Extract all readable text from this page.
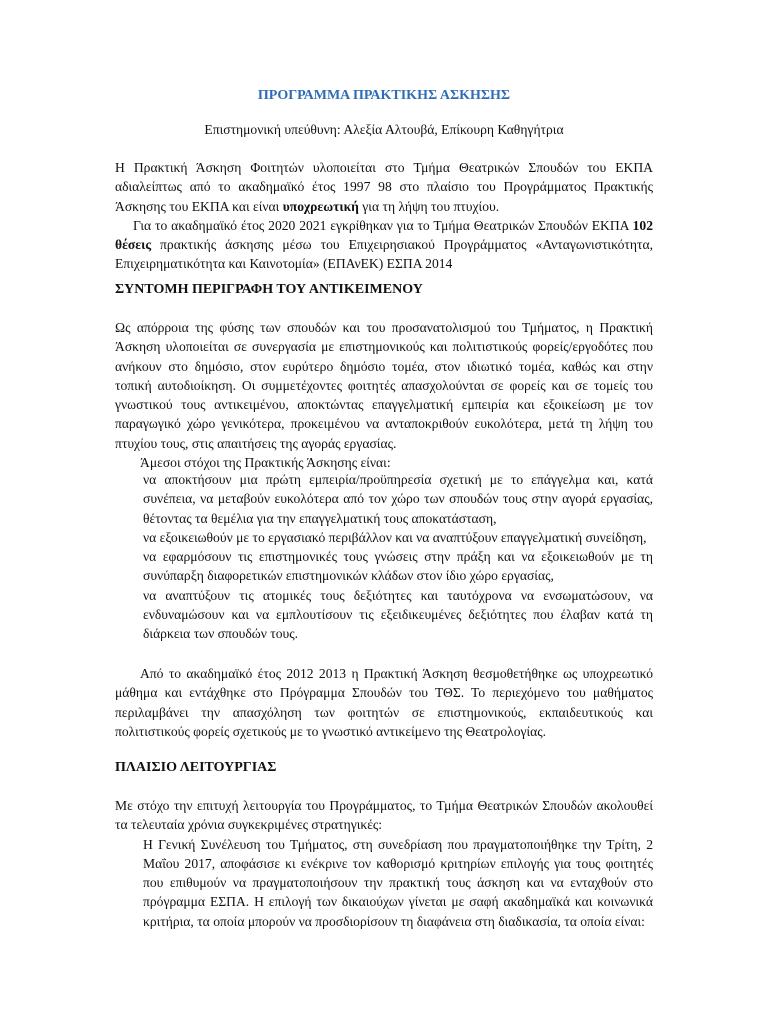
ΠΡΟΓΡΑΜΜΑ ΠΡΑΚΤΙΚΗΣ ΑΣΚΗΣΗΣ

Επιστημονική υπεύθυνη: Αλεξία Αλτουβά, Επίκουρη Καθηγήτρια

Η Πρακτική Άσκηση Φοιτητών υλοποιείται στο Τμήμα Θεατρικών Σπουδών του ΕΚΠΑ αδιαλείπτως από το ακαδημαϊκό έτος 1997 98 στο πλαίσιο του Προγράμματος Πρακτικής Άσκησης του ΕΚΠΑ και είναι υποχρεωτική για τη λήψη του πτυχίου.

Για το ακαδημαϊκό έτος 2020 2021 εγκρίθηκαν για το Τμήμα Θεατρικών Σπουδών ΕΚΠΑ 102 θέσεις πρακτικής άσκησης μέσω του Επιχειρησιακού Προγράμματος «Ανταγωνιστικότητα, Επιχειρηματικότητα και Καινοτομία» (ΕΠΑνΕΚ) ΕΣΠΑ 2014

ΣΥΝΤΟΜΗ ΠΕΡΙΓΡΑΦΗ ΤΟΥ ΑΝΤΙΚΕΙΜΕΝΟΥ

Ως απόρροια της φύσης των σπουδών και του προσανατολισμού του Τμήματος, η Πρακτική Άσκηση υλοποιείται σε συνεργασία με επιστημονικούς και πολιτιστικούς φορείς/εργοδότες που ανήκουν στο δημόσιο, στον ευρύτερο δημόσιο τομέα, στον ιδιωτικό τομέα, καθώς και στην τοπική αυτοδιοίκηση. Οι συμμετέχοντες φοιτητές απασχολούνται σε φορείς και σε τομείς του γνωστικού τους αντικειμένου, αποκτώντας επαγγελματική εμπειρία και εξοικείωση με τον παραγωγικό χώρο γενικότερα, προκειμένου να ανταποκριθούν ευκολότερα, μετά τη λήψη του πτυχίου τους, στις απαιτήσεις της αγοράς εργασίας.

Άμεσοι στόχοι της Πρακτικής Άσκησης είναι:

να αποκτήσουν μια πρώτη εμπειρία/προϋπηρεσία σχετική με το επάγγελμα και, κατά συνέπεια, να μεταβούν ευκολότερα από τον χώρο των σπουδών τους στην αγορά εργασίας, θέτοντας τα θεμέλια για την επαγγελματική τους αποκατάσταση,

να εξοικειωθούν με το εργασιακό περιβάλλον και να αναπτύξουν επαγγελματική συνείδηση,

να εφαρμόσουν τις επιστημονικές τους γνώσεις στην πράξη και να εξοικειωθούν με τη συνύπαρξη διαφορετικών επιστημονικών κλάδων στον ίδιο χώρο εργασίας,

να αναπτύξουν τις ατομικές τους δεξιότητες και ταυτόχρονα να ενσωματώσουν, να ενδυναμώσουν και να εμπλουτίσουν τις εξειδικευμένες δεξιότητες που έλαβαν κατά τη διάρκεια των σπουδών τους.

Από το ακαδημαϊκό έτος 2012 2013 η Πρακτική Άσκηση θεσμοθετήθηκε ως υποχρεωτικό μάθημα και εντάχθηκε στο Πρόγραμμα Σπουδών του ΤΘΣ. Το περιεχόμενο του μαθήματος περιλαμβάνει την απασχόληση των φοιτητών σε επιστημονικούς, εκπαιδευτικούς και πολιτιστικούς φορείς σχετικούς με το γνωστικό αντικείμενο της Θεατρολογίας.

ΠΛΑΙΣΙΟ ΛΕΙΤΟΥΡΓΙΑΣ

Με στόχο την επιτυχή λειτουργία του Προγράμματος, το Τμήμα Θεατρικών Σπουδών ακολουθεί τα τελευταία χρόνια συγκεκριμένες στρατηγικές:

Η Γενική Συνέλευση του Τμήματος, στη συνεδρίαση που πραγματοποιήθηκε την Τρίτη, 2 Μαΐου 2017, αποφάσισε κι ενέκρινε τον καθορισμό κριτηρίων επιλογής για τους φοιτητές που επιθυμούν να πραγματοποιήσουν την πρακτική τους άσκηση και να ενταχθούν στο πρόγραμμα ΕΣΠΑ. Η επιλογή των δικαιούχων γίνεται με σαφή ακαδημαϊκά και κοινωνικά κριτήρια, τα οποία μπορούν να προσδιορίσουν τη διαφάνεια στη διαδικασία, τα οποία είναι:
